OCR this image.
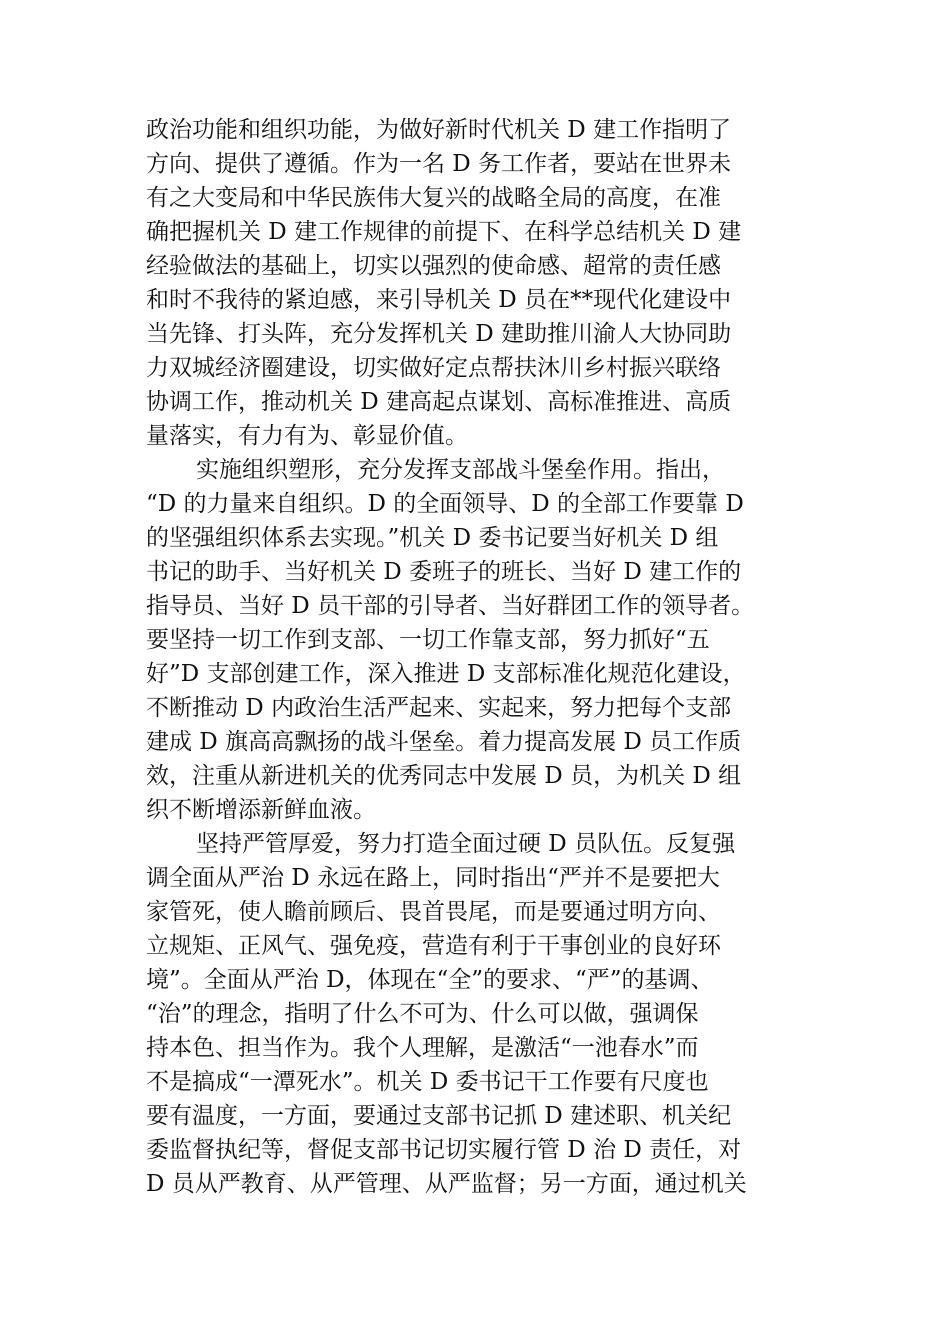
政治功能和组织功能，为做好新时代机关 D 建工作指明了
方向、提供了遵循。作为一名 D 务工作者，要站在世界未
有之大变局和中华民族伟大复兴的战略全局的高度，在准
确把握机关 D 建工作规律的前提下、在科学总结机关 D 建
经验做法的基础上，切实以强烈的使命感、超常的责任感
和时不我待的紧迫感，来引导机关 D 员在**现代化建设中
当先锋、打头阵，充分发挥机关 D 建助推川渝人大协同助
力双城经济圈建设，切实做好定点帮扶沐川乡村振兴联络
协调工作，推动机关 D 建高起点谋划、高标准推进、高质
量落实，有力有为、彰显价值。
实施组织塑形，充分发挥支部战斗堡垒作用。指出，
“D 的力量来自组织。D 的全面领导、D 的全部工作要靠 D
的坚强组织体系去实现。”机关 D 委书记要当好机关 D 组
书记的助手、当好机关 D 委班子的班长、当好 D 建工作的
指导员、当好 D 员干部的引导者、当好群团工作的领导者。
要坚持一切工作到支部、一切工作靠支部，努力抓好“五
好”D 支部创建工作，深入推进 D 支部标准化规范化建设，
不断推动 D 内政治生活严起来、实起来，努力把每个支部
建成 D 旗高高飘扬的战斗堡垒。着力提高发展 D 员工作质
效，注重从新进机关的优秀同志中发展 D 员，为机关 D 组
织不断增添新鲜血液。
坚持严管厚爱，努力打造全面过硬 D 员队伍。反复强
调全面从严治 D 永远在路上，同时指出“严并不是要把大
家管死，使人瞻前顾后、畏首畏尾，而是要通过明方向、
立规矩、正风气、强免疫，营造有利于干事创业的良好环
境”。全面从严治 D，体现在“全”的要求、“严”的基调、
“治”的理念，指明了什么不可为、什么可以做，强调保
持本色、担当作为。我个人理解，是激活“一池春水”而
不是搞成“一潭死水”。机关 D 委书记干工作要有尺度也
要有温度，一方面，要通过支部书记抓 D 建述职、机关纪
委监督执纪等，督促支部书记切实履行管 D 治 D 责任，对
D 员从严教育、从严管理、从严监督；另一方面，通过机关
